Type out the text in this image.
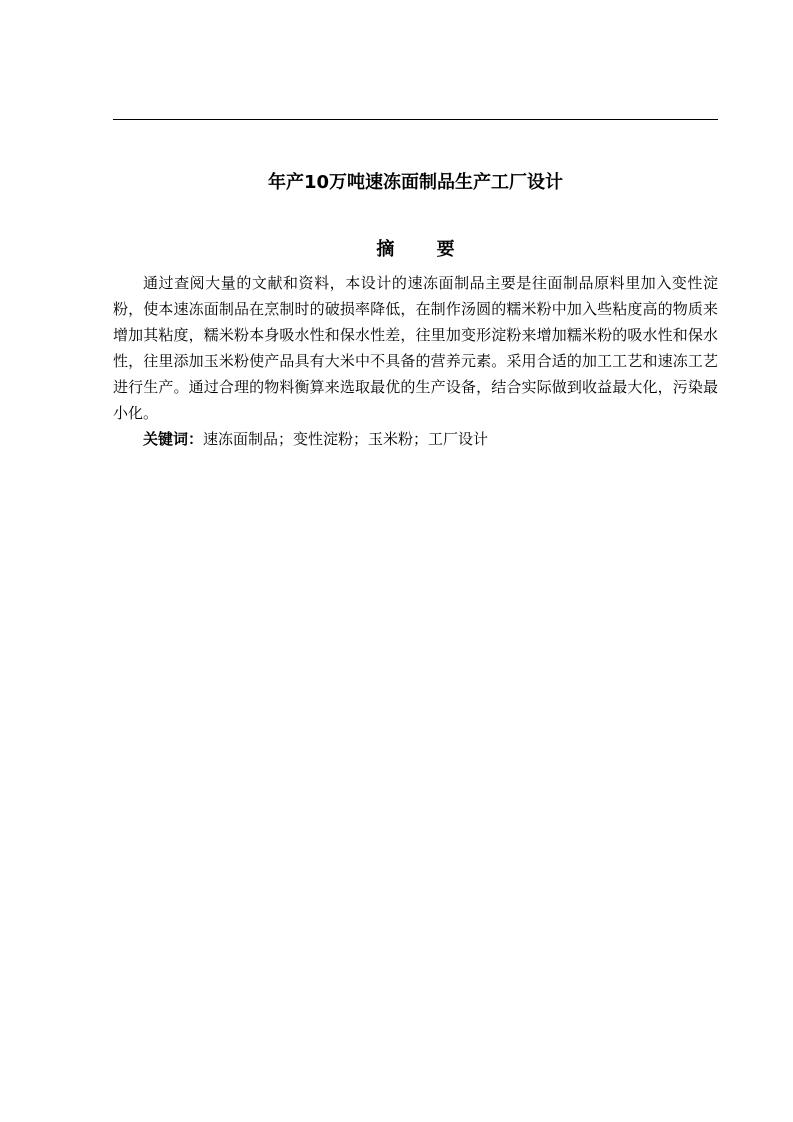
年产10万吨速冻面制品生产工厂设计
摘 要

通过查阅大量的文献和资料，本设计的速冻面制品主要是往面制品原料里加入变性淀粉，使本速冻面制品在烹制时的破损率降低，在制作汤圆的糯米粉中加入些粘度高的物质来增加其粘度，糯米粉本身吸水性和保水性差，往里加变形淀粉来增加糯米粉的吸水性和保水性，往里添加玉米粉使产品具有大米中不具备的营养元素。采用合适的加工工艺和速冻工艺进行生产。通过合理的物料衡算来选取最优的生产设备，结合实际做到收益最大化，污染最小化。

关键词：速冻面制品；变性淀粉；玉米粉；工厂设计
